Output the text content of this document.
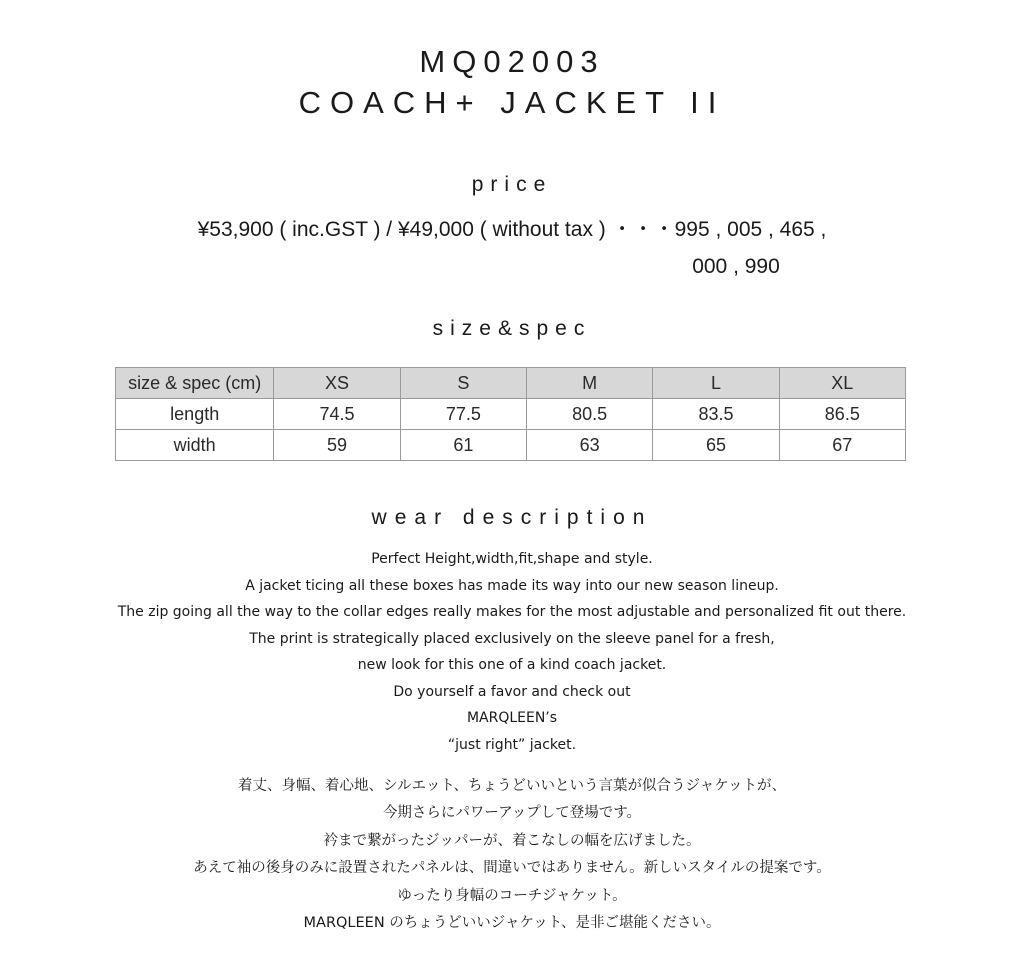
MQ02003
COACH+ JACKET II
price
¥53,900 ( inc.GST ) / ¥49,000 ( without tax ) ・・・995 , 005 , 465 ,
000 , 990
size&spec
size & spec (cm)	XS	S	M	L	XL
length	74.5	77.5	80.5	83.5	86.5
width	59	61	63	65	67
wear description
Perfect Height,width,fit,shape and style.
A jacket ticing all these boxes has made its way into our new season lineup.
The zip going all the way to the collar edges really makes for the most adjustable and personalized fit out there.
The print is strategically placed exclusively on the sleeve panel for a fresh,
new look for this one of a kind coach jacket.
Do yourself a favor and check out
MARQLEEN’s
“just right” jacket.
着丈、身幅、着心地、シルエット、ちょうどいいという言葉が似合うジャケットが、
今期さらにパワーアップして登場です。
衿まで繋がったジッパーが、着こなしの幅を広げました。
あえて袖の後身のみに設置されたパネルは、間違いではありません。新しいスタイルの提案です。
ゆったり身幅のコーチジャケット。
MARQLEEN のちょうどいいジャケット、是非ご堪能ください。
